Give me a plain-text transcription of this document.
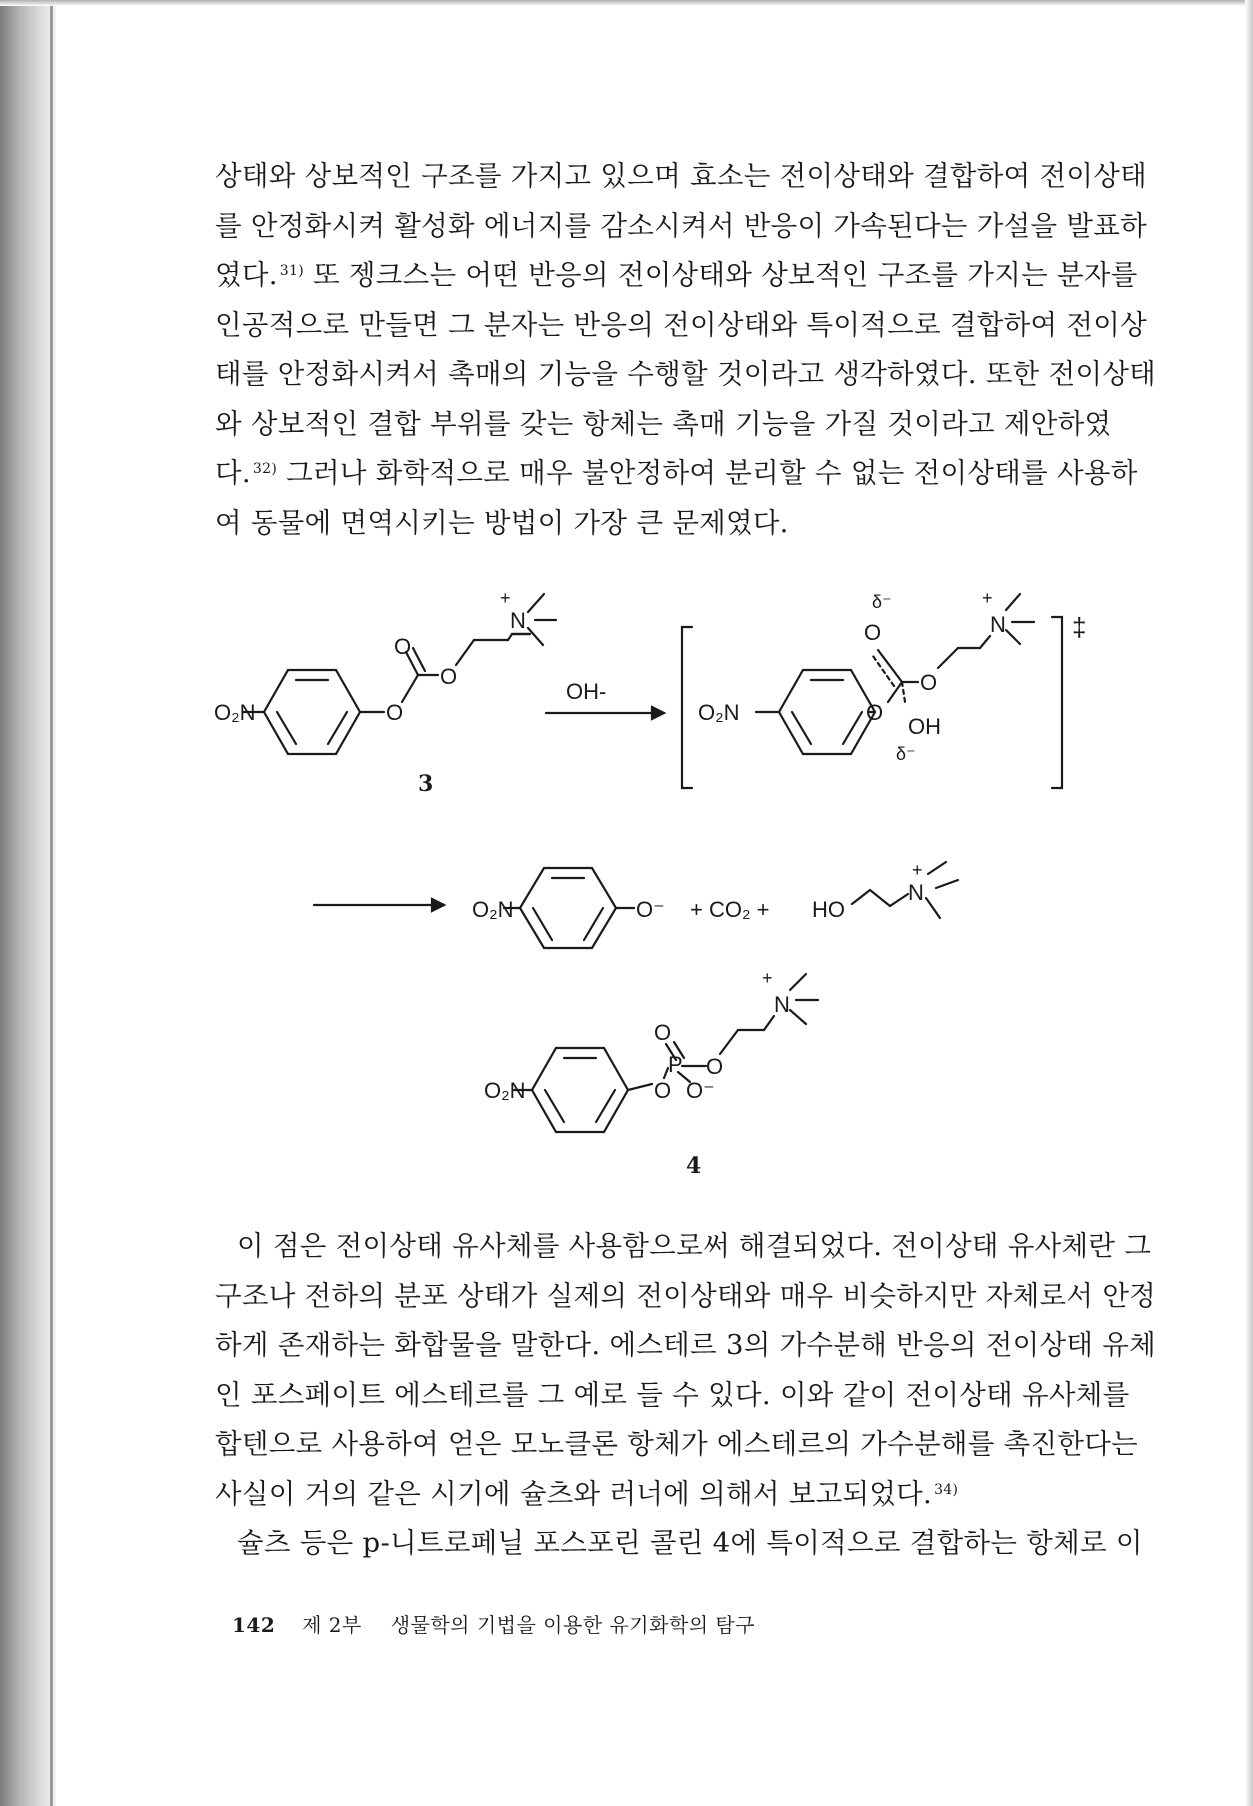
상태와 상보적인 구조를 가지고 있으며 효소는 전이상태와 결합하여 전이상태
를 안정화시켜 활성화 에너지를 감소시켜서 반응이 가속된다는 가설을 발표하
였다. $^{31)}$ 또 젱크스는 어떤 반응의 전이상태와 상보적인 구조를 가지는 분자를
인공적으로 만들면 그 분자는 반응의 전이상태와 특이적으로 결합하여 전이상
태를 안정화시켜서 촉매의 기능을 수행할 것이라고 생각하였다. 또한 전이상태
와 상보적인 결합 부위를 갖는 항체는 촉매 기능을 가질 것이라고 제안하였
다. $^{32)}$ 그러나 화학적으로 매우 불안정하여 분리할 수 없는 전이상태를 사용하
여 동물에 면역시키는 방법이 가장 큰 문제였다.
O₂N	O
O
O
N
+
OH-
O₂N	O
O
δ⁻
O
OH
δ⁻
N
+
‡
O₂N	O⁻ + CO₂ + HO
N
+
O₂N	O
P
O
O
O⁻
N
+
3
4
이 점은 전이상태 유사체를 사용함으로써 해결되었다. 전이상태 유사체란 그
구조나 전하의 분포 상태가 실제의 전이상태와 매우 비슷하지만 자체로서 안정
하게 존재하는 화합물을 말한다. 에스테르 3의 가수분해 반응의 전이상태 유체
인 포스페이트 에스테르를 그 예로 들 수 있다. 이와 같이 전이상태 유사체를
합텐으로 사용하여 얻은 모노클론 항체가 에스테르의 가수분해를 촉진한다는
사실이 거의 같은 시기에 슐츠와 러너에 의해서 보고되었다. $^{34)}$
슐츠 등은 p-니트로페닐 포스포린 콜린 4에 특이적으로 결합하는 항체로 이
142 제 2부 생물학의 기법을 이용한 유기화학의 탐구
